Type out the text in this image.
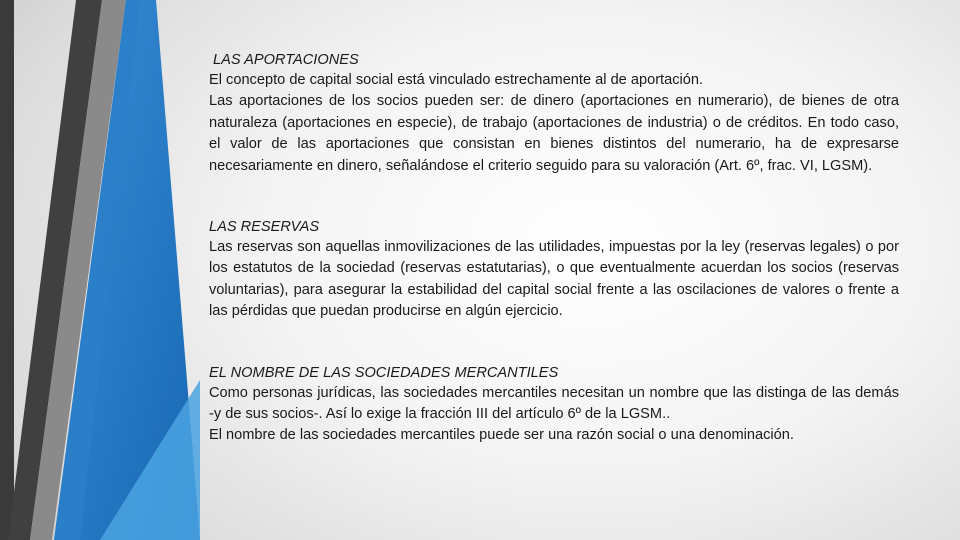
LAS APORTACIONES

El concepto de capital social está vinculado estrechamente al de aportación.

Las aportaciones de los socios pueden ser: de dinero (aportaciones en numerario), de bienes de otra naturaleza (aportaciones en especie), de trabajo (aportaciones de industria) o de créditos. En todo caso, el valor de las aportaciones que consistan en bienes distintos del numerario, ha de expresarse necesariamente en dinero, señalándose el criterio seguido para su valoración (Art. 6º, frac. VI, LGSM).

LAS RESERVAS

Las reservas son aquellas inmovilizaciones de las utilidades, impuestas por la ley (reservas legales) o por los estatutos de la sociedad (reservas estatutarias), o que eventualmente acuerdan los socios (reservas voluntarias), para asegurar la estabilidad del capital social frente a las oscilaciones de valores o frente a las pérdidas que puedan producirse en algún ejercicio.

EL NOMBRE DE LAS SOCIEDADES MERCANTILES

Como personas jurídicas, las sociedades mercantiles necesitan un nombre que las distinga de las demás -y de sus socios-. Así lo exige la fracción III del artículo 6º de la LGSM..

El nombre de las sociedades mercantiles puede ser una razón social o una denominación.
